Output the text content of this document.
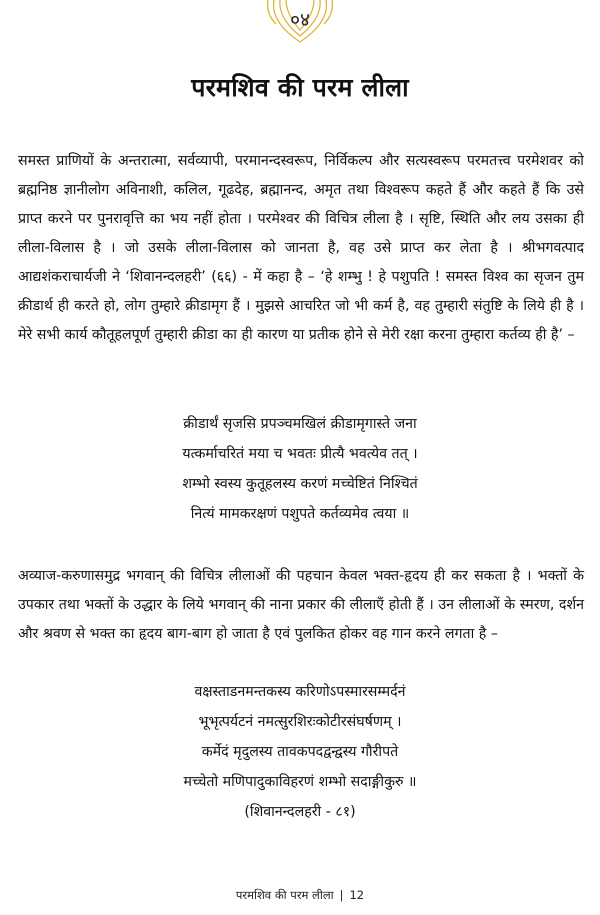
०४
परमशिव की परम लीला
समस्त प्राणियों के अन्तरात्मा, सर्वव्यापी, परमानन्दस्वरूप, निर्विकल्प और सत्यस्वरूप परमतत्त्व परमेशवर को ब्रह्मनिष्ठ ज्ञानीलोग अविनाशी, कलिल, गूढदेह, ब्रह्मानन्द, अमृत तथा विश्वरूप कहते हैं और कहते हैं कि उसे प्राप्त करने पर पुनरावृत्ति का भय नहीं होता । परमेश्वर की विचित्र लीला है । सृष्टि, स्थिति और लय उसका ही लीला-विलास है । जो उसके लीला-विलास को जानता है, वह उसे प्राप्त कर लेता है । श्रीभगवत्पाद आद्यशंकराचार्यजी ने ‘शिवानन्दलहरी’ (६६) - में कहा है – ‘हे शम्भु ! हे पशुपति ! समस्त विश्व का सृजन तुम क्रीडार्थ ही करते हो, लोग तुम्हारे क्रीडामृग हैं । मुझसे आचरित जो भी कर्म है, वह तुम्हारी संतुष्टि के लिये ही है । मेरे सभी कार्य कौतूहलपूर्ण तुम्हारी क्रीडा का ही कारण या प्रतीक होने से मेरी रक्षा करना तुम्हारा कर्तव्य ही है’ –
क्रीडार्थं सृजसि प्रपञ्चमखिलं क्रीडामृगास्ते जना
यत्कर्माचरितं मया च भवतः प्रीत्यै भवत्येव तत् ।
शम्भो स्वस्य कुतूहलस्य करणं मच्चेष्टितं निश्चितं
नित्यं मामकरक्षणं पशुपते कर्तव्यमेव त्वया ॥
अव्याज-करुणासमुद्र भगवान् की विचित्र लीलाओं की पहचान केवल भक्त-हृदय ही कर सकता है । भक्तों के उपकार तथा भक्तों के उद्धार के लिये भगवान् की नाना प्रकार की लीलाएँ होती हैं । उन लीलाओं के स्मरण, दर्शन और श्रवण से भक्त का हृदय बाग-बाग हो जाता है एवं पुलकित होकर वह गान करने लगता है –
वक्षस्ताडनमन्तकस्य करिणोऽपस्मारसम्मर्दनं
भूभृत्पर्यटनं नमत्सुरशिरःकोटीरसंघर्षणम् ।
कर्मेदं मृदुलस्य तावकपदद्वन्द्वस्य गौरीपते
मच्चेतो मणिपादुकाविहरणं शम्भो सदाङ्गीकुरु ॥
(शिवानन्दलहरी - ८१)
परमशिव की परम लीला | 12
